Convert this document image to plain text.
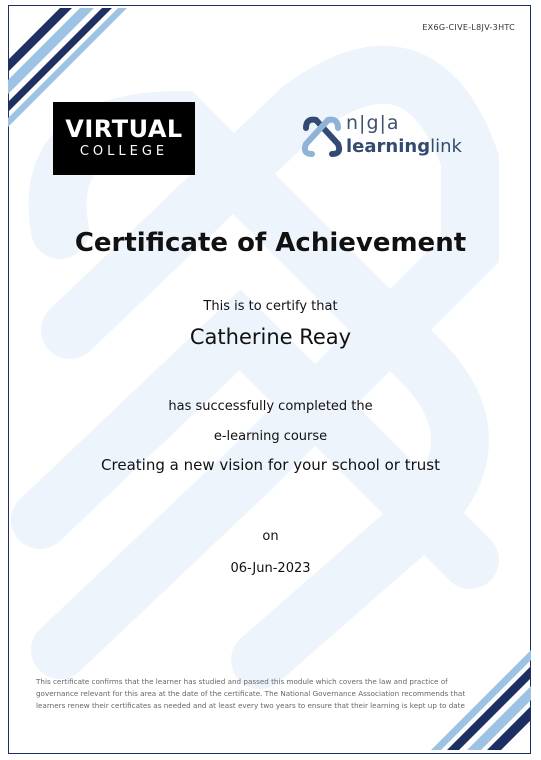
EX6G-CIVE-L8JV-3HTC
VIRTUAL
COLLEGE
n|g|a
learninglink
Certificate of Achievement
This is to certify that
Catherine Reay
has successfully completed the
e-learning course
Creating a new vision for your school or trust
on
06-Jun-2023
This certificate confirms that the learner has studied and passed this module which covers the law and practice of governance relevant for this area at the date of the certificate. The National Governance Association recommends that learners renew their certificates as needed and at least every two years to ensure that their learning is kept up to date
